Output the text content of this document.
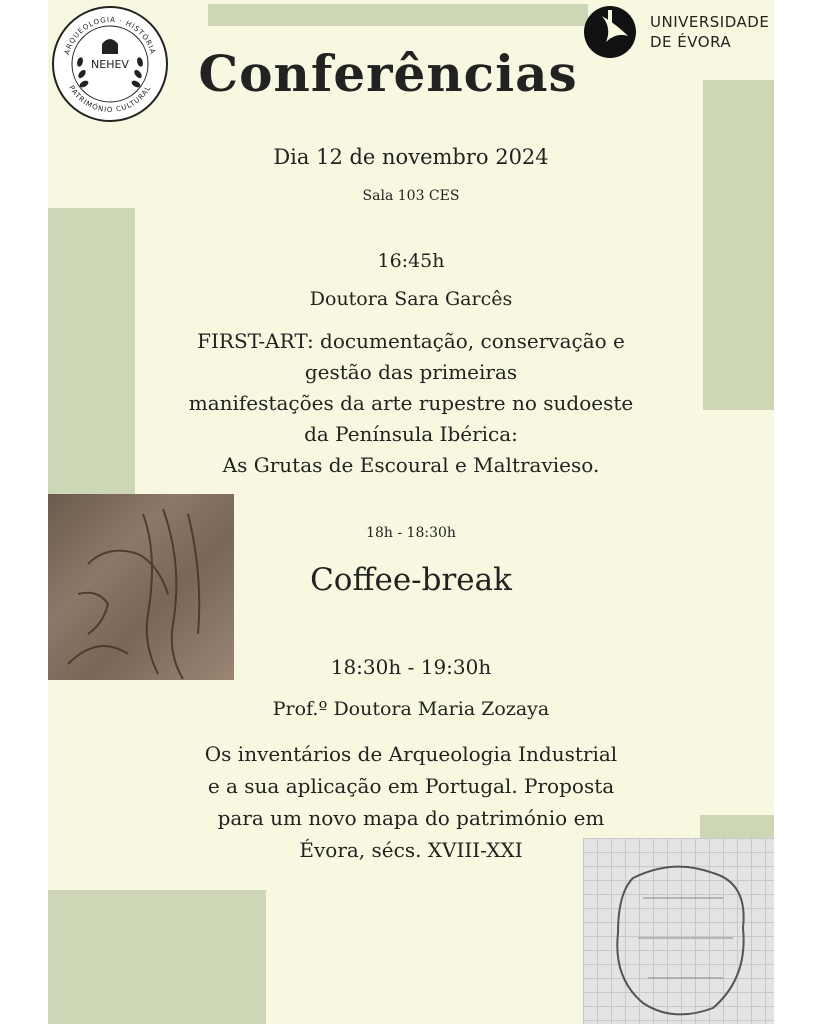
ARQUEOLOGIA · HISTÓRIA
PATRIMÓNIO CULTURAL
NEHEV
UNIVERSIDADE
DE ÉVORA
Conferências

Dia 12 de novembro 2024

Sala 103 CES

16:45h

Doutora Sara Garcês

FIRST-ART: documentação, conservação e
gestão das primeiras
manifestações da arte rupestre no sudoeste
da Península Ibérica:
As Grutas de Escoural e Maltravieso.

18h - 18:30h

Coffee-break

18:30h - 19:30h

Prof.º Doutora Maria Zozaya

Os inventários de Arqueologia Industrial
e a sua aplicação em Portugal. Proposta
para um novo mapa do património em
Évora, sécs. XVIII-XXI
